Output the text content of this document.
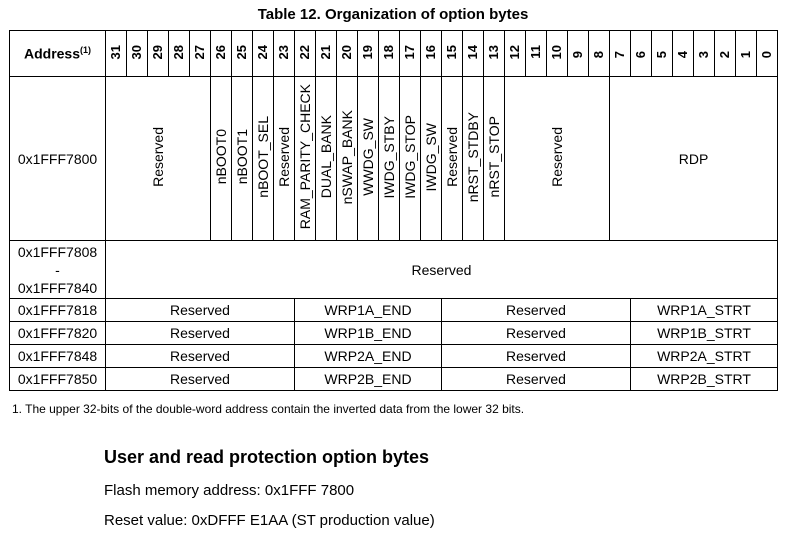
Table 12. Organization of option bytes
Address$^{(1)}$	31	30	29	28	27	26	25	24	23	22	21	20	19	18	17	16	15	14	13	12	11	10	9	8	7	6	5	4	3	2	1	0
0x1FFF7800	Reserved					nBOOT0	nBOOT1	nBOOT_SEL	Reserved	RAM_PARITY_CHECK	DUAL_BANK	nSWAP_BANK	WWDG_SW	IWDG_STBY	IWDG_STOP	IWDG_SW	Reserved	nRST_STDBY	nRST_STOP	Reserved					RDP							

0x1FFF7808
-
0x1FFF7840	Reserved																															
0x1FFF7818	Reserved									WRP1A_END							Reserved									WRP1A_STRT						
0x1FFF7820	Reserved									WRP1B_END							Reserved									WRP1B_STRT						
0x1FFF7848	Reserved									WRP2A_END							Reserved									WRP2A_STRT						
0x1FFF7850	Reserved									WRP2B_END							Reserved									WRP2B_STRT						
1. The upper 32-bits of the double-word address contain the inverted data from the lower 32 bits.
User and read protection option bytes
Flash memory address: 0x1FFF 7800
Reset value: 0xDFFF E1AA (ST production value)
